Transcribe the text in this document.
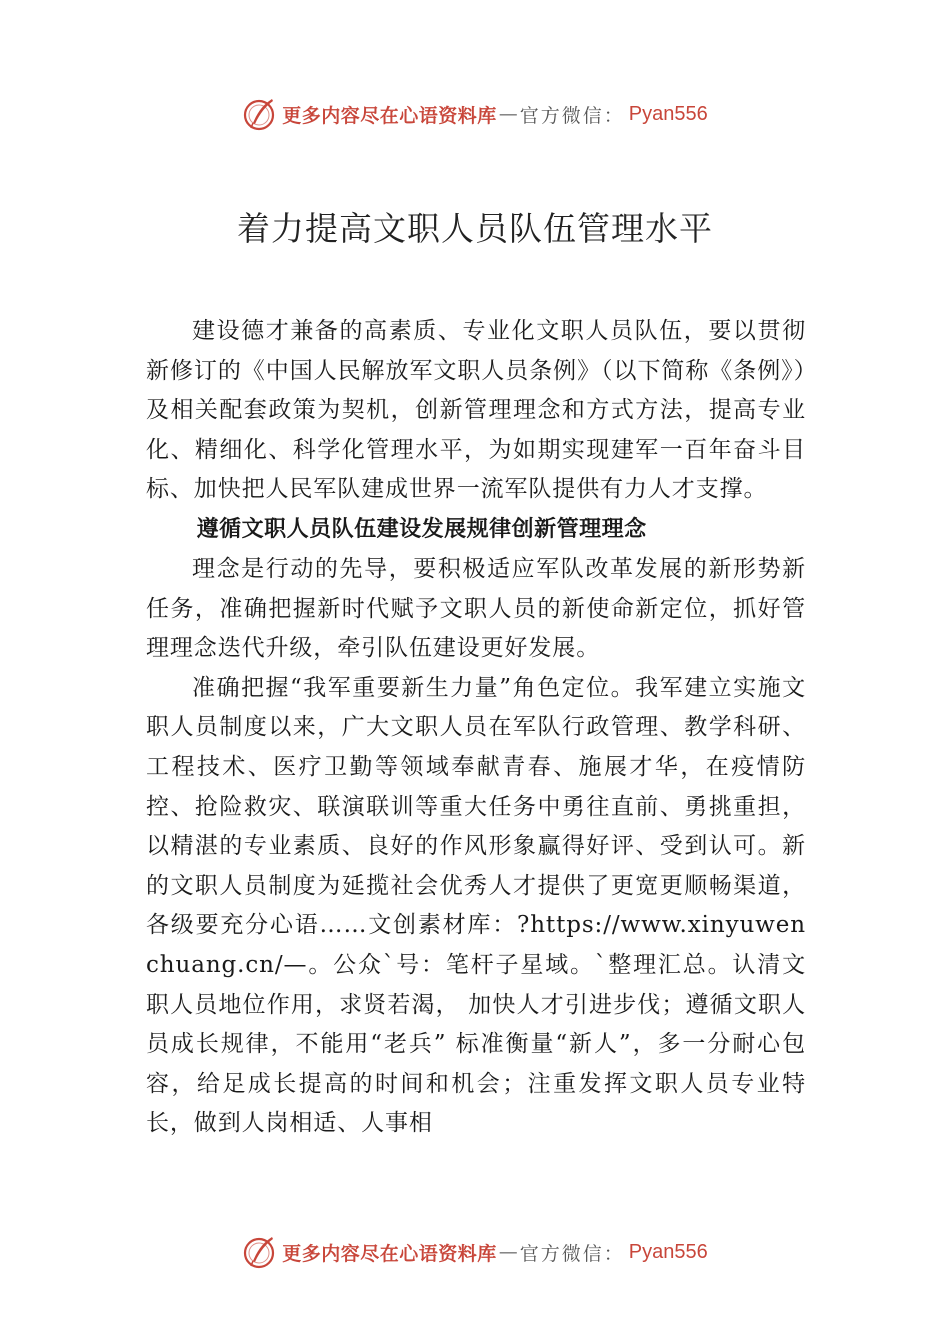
更多内容尽在心语资料库 — 官方微信： Pyan556
着力提高文职人员队伍管理水平

建设德才兼备的高素质、专业化文职人员队伍，要以贯彻新修订的《中国人民解放军文职人员条例》（以下简称《条例》）及相关配套政策为契机，创新管理理念和方式方法，提高专业化、精细化、科学化管理水平，为如期实现建军一百年奋斗目标、加快把人民军队建成世界一流军队提供有力人才支撑。

遵循文职人员队伍建设发展规律创新管理理念

理念是行动的先导，要积极适应军队改革发展的新形势新任务，准确把握新时代赋予文职人员的新使命新定位，抓好管理理念迭代升级，牵引队伍建设更好发展。

准确把握“我军重要新生力量”角色定位。我军建立实施文职人员制度以来，广大文职人员在军队行政管理、教学科研、工程技术、医疗卫勤等领域奉献青春、施展才华，在疫情防控、抢险救灾、联演联训等重大任务中勇往直前、勇挑重担，以精湛的专业素质、良好的作风形象赢得好评、受到认可。新的文职人员制度为延揽社会优秀人才提供了更宽更顺畅渠道，各级要充分心语……文创素材库：?https://www.xinyuwenchuang.cn/—。公众`号：笔杆子星域。`整理汇总。认清文职人员地位作用，求贤若渴， 加快人才引进步伐；遵循文职人员成长规律，不能用“老兵” 标准衡量“新人”，多一分耐心包容，给足成长提高的时间和机会；注重发挥文职人员专业特长，做到人岗相适、人事相

更多内容尽在心语资料库 — 官方微信： Pyan556
